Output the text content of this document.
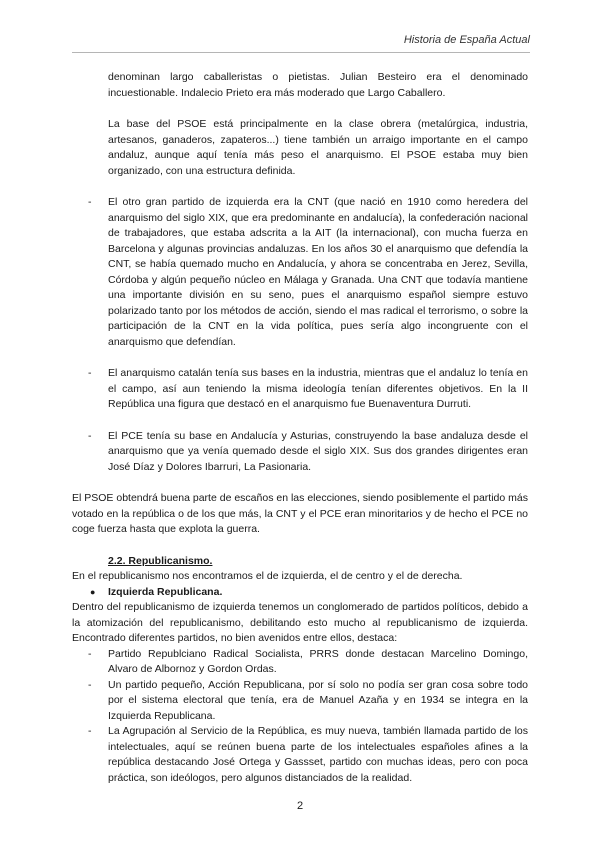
Historia de España Actual

denominan largo caballeristas o pietistas. Julian Besteiro era el denominado incuestionable. Indalecio Prieto era más moderado que Largo Caballero.

La base del PSOE está principalmente en la clase obrera (metalúrgica, industria, artesanos, ganaderos, zapateros...) tiene también un arraigo importante en el campo andaluz, aunque aquí tenía más peso el anarquismo. El PSOE estaba muy bien organizado, con una estructura definida.

- El otro gran partido de izquierda era la CNT (que nació en 1910 como heredera del anarquismo del siglo XIX, que era predominante en andalucía), la confederación nacional de trabajadores, que estaba adscrita a la AIT (la internacional), con mucha fuerza en Barcelona y algunas provincias andaluzas. En los años 30 el anarquismo que defendía la CNT, se había quemado mucho en Andalucía, y ahora se concentraba en Jerez, Sevilla, Córdoba y algún pequeño núcleo en Málaga y Granada. Una CNT que todavía mantiene una importante división en su seno, pues el anarquismo español siempre estuvo polarizado tanto por los métodos de acción, siendo el mas radical el terrorismo, o sobre la participación de la CNT en la vida política, pues sería algo incongruente con el anarquismo que defendían.
- El anarquismo catalán tenía sus bases en la industria, mientras que el andaluz lo tenía en el campo, así aun teniendo la misma ideología tenían diferentes objetivos. En la II República una figura que destacó en el anarquismo fue Buenaventura Durruti.
- El PCE tenía su base en Andalucía y Asturias, construyendo la base andaluza desde el anarquismo que ya venía quemado desde el siglo XIX. Sus dos grandes dirigentes eran José Díaz y Dolores Ibarruri, La Pasionaria.

El PSOE obtendrá buena parte de escaños en las elecciones, siendo posiblemente el partido más votado en la república o de los que más, la CNT y el PCE eran minoritarios y de hecho el PCE no coge fuerza hasta que explota la guerra.

2.2. Republicanismo.

En el republicanismo nos encontramos el de izquierda, el de centro y el de derecha.

● Izquierda Republicana.

Dentro del republicanismo de izquierda tenemos un conglomerado de partidos políticos, debido a la atomización del republicanismo, debilitando esto mucho al republicanismo de izquierda. Encontrado diferentes partidos, no bien avenidos entre ellos, destaca:

- Partido Republciano Radical Socialista, PRRS donde destacan Marcelino Domingo, Alvaro de Albornoz y Gordon Ordas.
- Un partido pequeño, Acción Republicana, por sí solo no podía ser gran cosa sobre todo por el sistema electoral que tenía, era de Manuel Azaña y en 1934 se integra en la Izquierda Republicana.
- La Agrupación al Servicio de la República, es muy nueva, también llamada partido de los intelectuales, aquí se reúnen buena parte de los intelectuales españoles afines a la república destacando José Ortega y Gassset, partido con muchas ideas, pero con poca práctica, son ideólogos, pero algunos distanciados de la realidad.
2
